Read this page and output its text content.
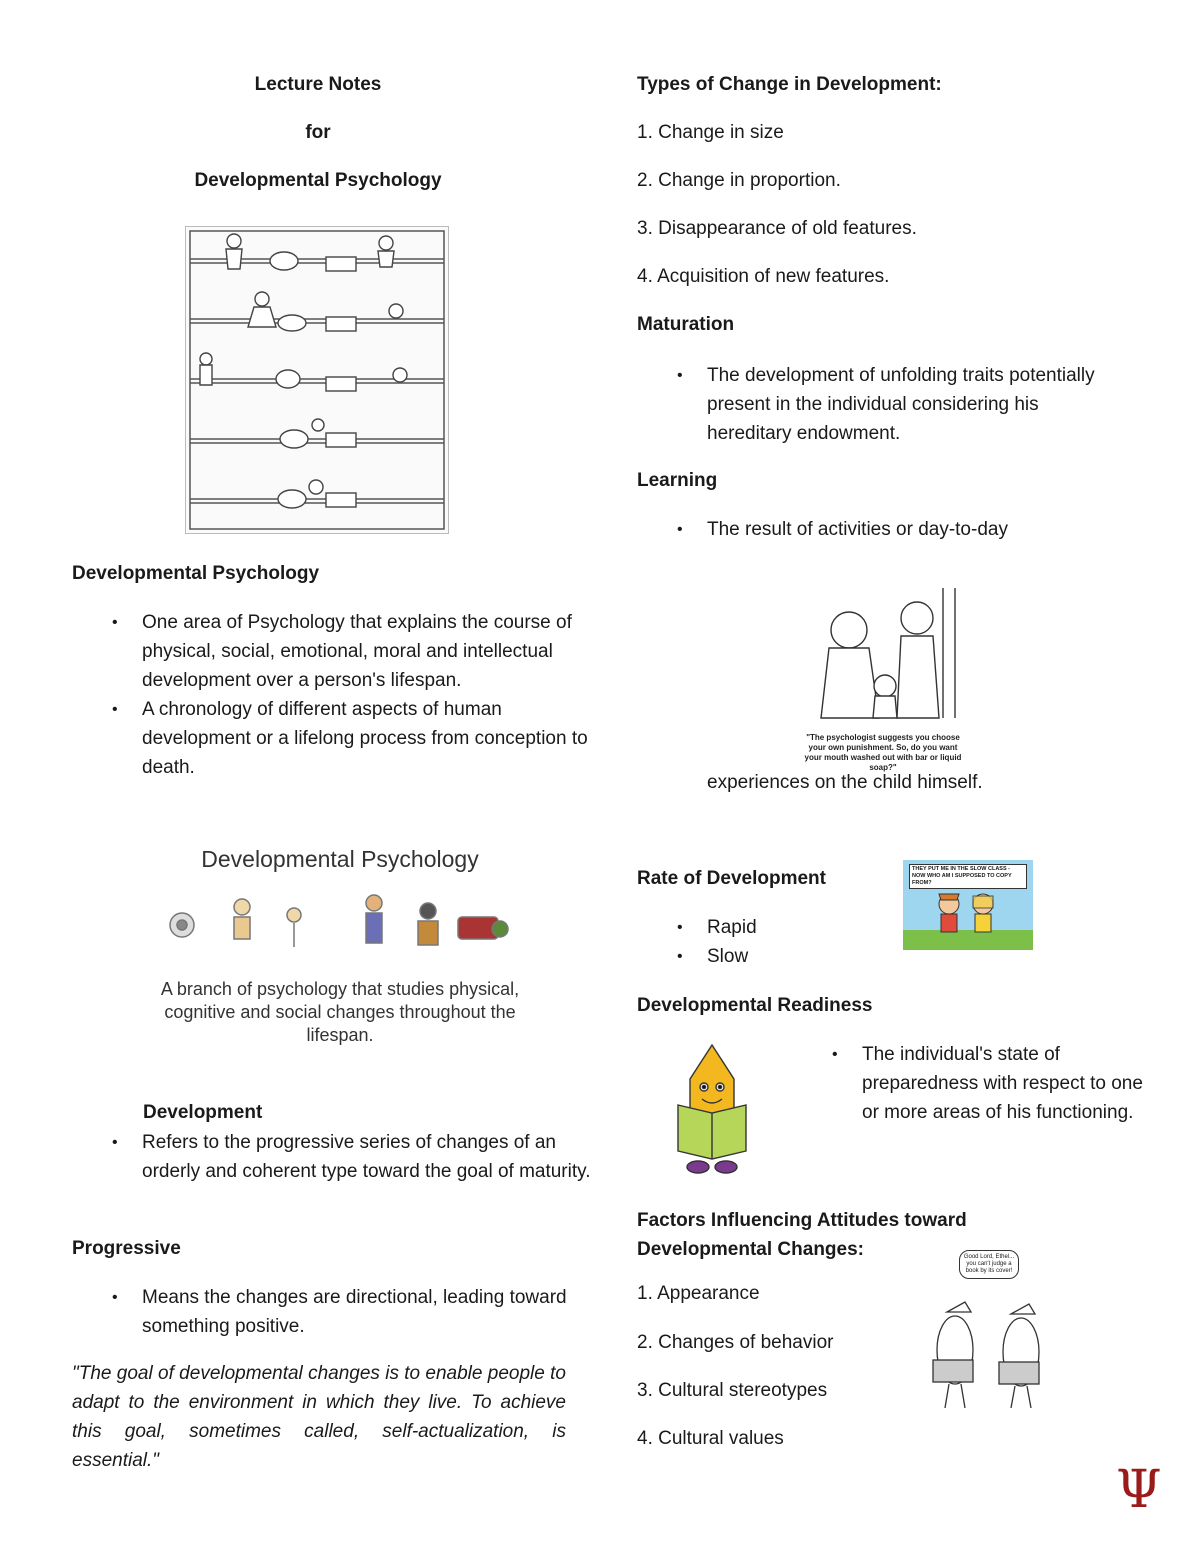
Lecture Notes
for
Developmental Psychology
Developmental Psychology
• One area of Psychology that explains the course of physical, social, emotional, moral and intellectual development over a person's lifespan.
• A chronology of different aspects of human development or a lifelong process from conception to death.
Developmental Psychology
A branch of psychology that studies physical, cognitive and social changes throughout the lifespan.
Development
• Refers to the progressive series of changes of an orderly and coherent type toward the goal of maturity.
Progressive
• Means the changes are directional, leading toward something positive.
"The goal of developmental changes is to enable people to adapt to the environment in which they live. To achieve this goal, sometimes called, self-actualization, is essential."
Types of Change in Development:
1. Change in size
2. Change in proportion.
3. Disappearance of old features.
4. Acquisition of new features.
Maturation
• The development of unfolding traits potentially present in the individual considering his hereditary endowment.
Learning
• The result of activities or day-to-day
"The psychologist suggests you choose your own punishment. So, do you want your mouth washed out with bar or liquid soap?"
experiences on the child himself.
Rate of Development
• Rapid
• Slow
THEY PUT ME IN THE SLOW CLASS - NOW WHO AM I SUPPOSED TO COPY FROM?
Developmental Readiness
• The individual's state of preparedness with respect to one or more areas of his functioning.
Factors Influencing Attitudes toward
Developmental Changes:
1. Appearance
2. Changes of behavior
3. Cultural stereotypes
4. Cultural values
Good Lord, Ethel... you can't judge a book by its cover!
Ψ
